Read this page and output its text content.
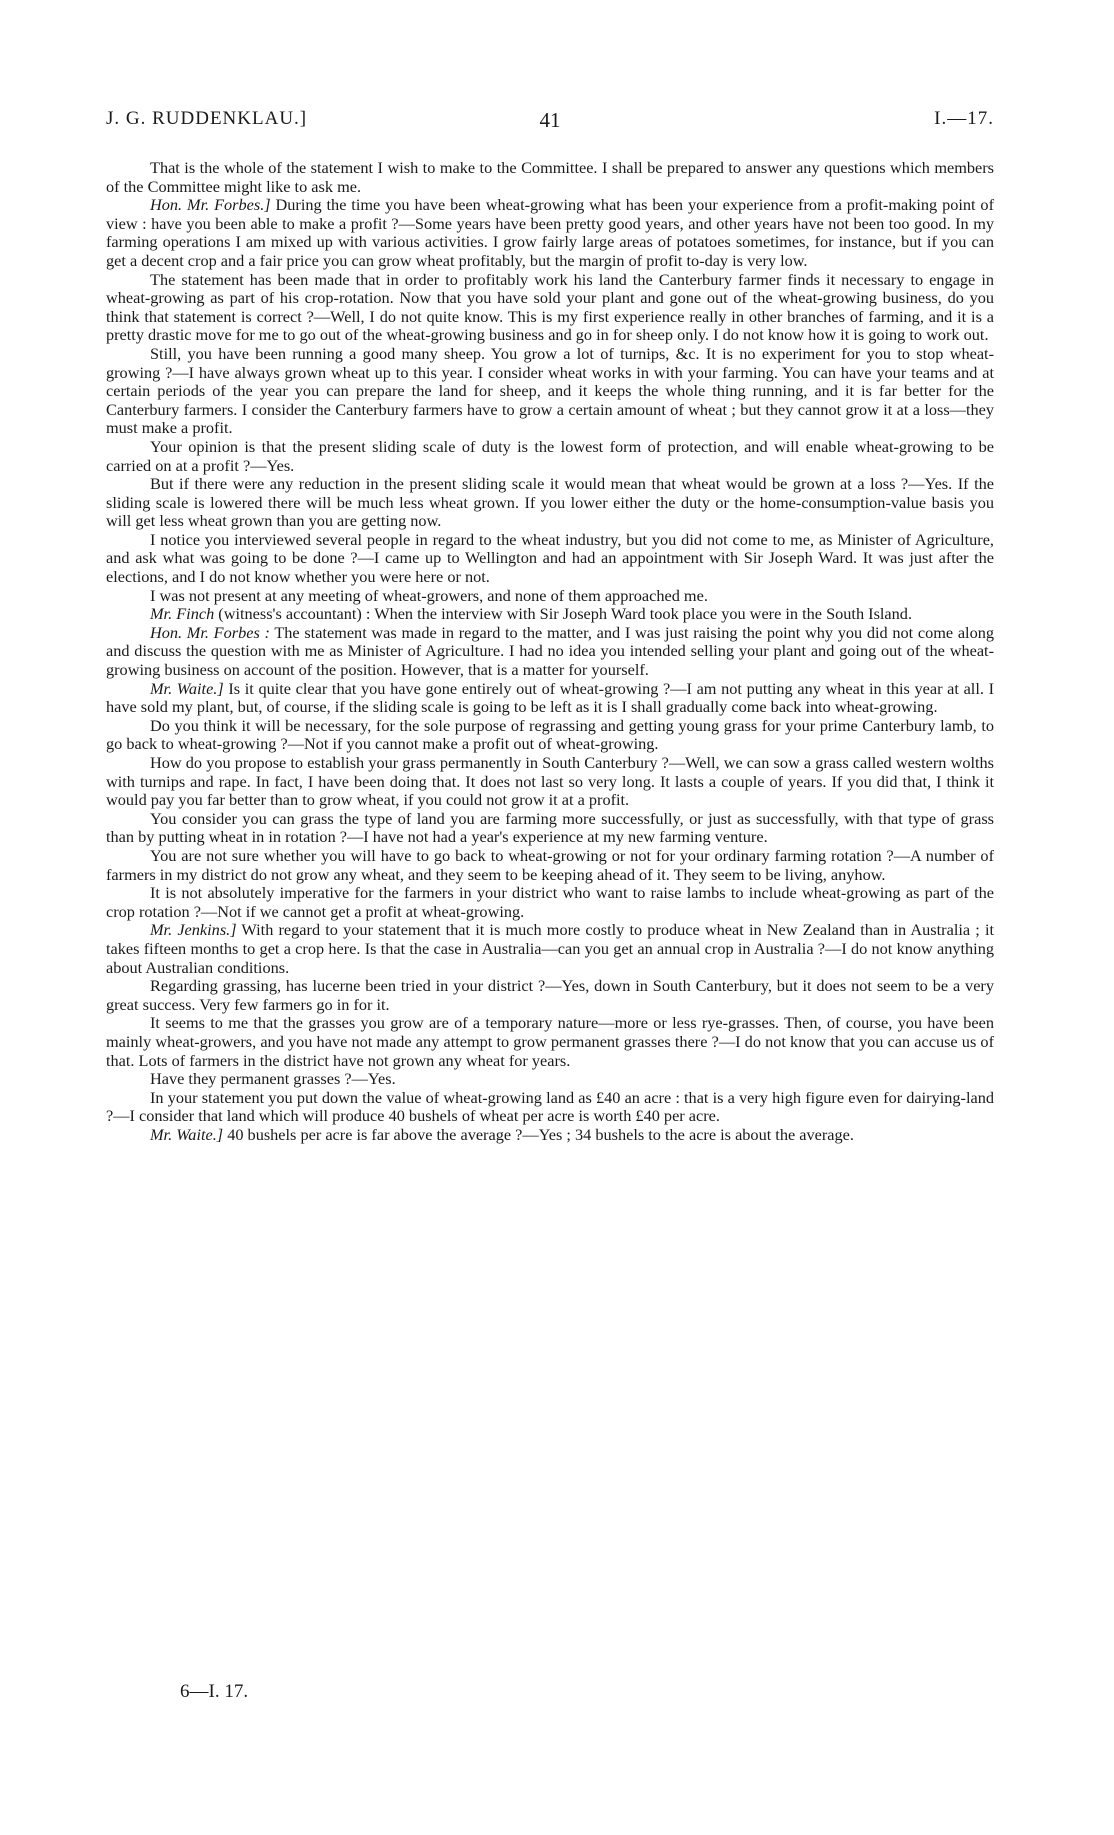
J. G. RUDDENKLAU.]	41	I.—17.

That is the whole of the statement I wish to make to the Committee. I shall be prepared to answer any questions which members of the Committee might like to ask me.

Hon. Mr. Forbes.] During the time you have been wheat-growing what has been your experience from a profit-making point of view : have you been able to make a profit ?—Some years have been pretty good years, and other years have not been too good. In my farming operations I am mixed up with various activities. I grow fairly large areas of potatoes sometimes, for instance, but if you can get a decent crop and a fair price you can grow wheat profitably, but the margin of profit to-day is very low.

The statement has been made that in order to profitably work his land the Canterbury farmer finds it necessary to engage in wheat-growing as part of his crop-rotation. Now that you have sold your plant and gone out of the wheat-growing business, do you think that statement is correct ?—Well, I do not quite know. This is my first experience really in other branches of farming, and it is a pretty drastic move for me to go out of the wheat-growing business and go in for sheep only. I do not know how it is going to work out.

Still, you have been running a good many sheep. You grow a lot of turnips, &c. It is no experiment for you to stop wheat-growing ?—I have always grown wheat up to this year. I consider wheat works in with your farming. You can have your teams and at certain periods of the year you can prepare the land for sheep, and it keeps the whole thing running, and it is far better for the Canterbury farmers. I consider the Canterbury farmers have to grow a certain amount of wheat ; but they cannot grow it at a loss—they must make a profit.

Your opinion is that the present sliding scale of duty is the lowest form of protection, and will enable wheat-growing to be carried on at a profit ?—Yes.

But if there were any reduction in the present sliding scale it would mean that wheat would be grown at a loss ?—Yes. If the sliding scale is lowered there will be much less wheat grown. If you lower either the duty or the home-consumption-value basis you will get less wheat grown than you are getting now.

I notice you interviewed several people in regard to the wheat industry, but you did not come to me, as Minister of Agriculture, and ask what was going to be done ?—I came up to Wellington and had an appointment with Sir Joseph Ward. It was just after the elections, and I do not know whether you were here or not.

I was not present at any meeting of wheat-growers, and none of them approached me.

Mr. Finch (witness's accountant) : When the interview with Sir Joseph Ward took place you were in the South Island.

Hon. Mr. Forbes : The statement was made in regard to the matter, and I was just raising the point why you did not come along and discuss the question with me as Minister of Agriculture. I had no idea you intended selling your plant and going out of the wheat-growing business on account of the position. However, that is a matter for yourself.

Mr. Waite.] Is it quite clear that you have gone entirely out of wheat-growing ?—I am not putting any wheat in this year at all. I have sold my plant, but, of course, if the sliding scale is going to be left as it is I shall gradually come back into wheat-growing.

Do you think it will be necessary, for the sole purpose of regrassing and getting young grass for your prime Canterbury lamb, to go back to wheat-growing ?—Not if you cannot make a profit out of wheat-growing.

How do you propose to establish your grass permanently in South Canterbury ?—Well, we can sow a grass called western wolths with turnips and rape. In fact, I have been doing that. It does not last so very long. It lasts a couple of years. If you did that, I think it would pay you far better than to grow wheat, if you could not grow it at a profit.

You consider you can grass the type of land you are farming more successfully, or just as successfully, with that type of grass than by putting wheat in in rotation ?—I have not had a year's experience at my new farming venture.

You are not sure whether you will have to go back to wheat-growing or not for your ordinary farming rotation ?—A number of farmers in my district do not grow any wheat, and they seem to be keeping ahead of it. They seem to be living, anyhow.

It is not absolutely imperative for the farmers in your district who want to raise lambs to include wheat-growing as part of the crop rotation ?—Not if we cannot get a profit at wheat-growing.

Mr. Jenkins.] With regard to your statement that it is much more costly to produce wheat in New Zealand than in Australia ; it takes fifteen months to get a crop here. Is that the case in Australia—can you get an annual crop in Australia ?—I do not know anything about Australian conditions.

Regarding grassing, has lucerne been tried in your district ?—Yes, down in South Canterbury, but it does not seem to be a very great success. Very few farmers go in for it.

It seems to me that the grasses you grow are of a temporary nature—more or less rye-grasses. Then, of course, you have been mainly wheat-growers, and you have not made any attempt to grow permanent grasses there ?—I do not know that you can accuse us of that. Lots of farmers in the district have not grown any wheat for years.

Have they permanent grasses ?—Yes.

In your statement you put down the value of wheat-growing land as £40 an acre : that is a very high figure even for dairying-land ?—I consider that land which will produce 40 bushels of wheat per acre is worth £40 per acre.

Mr. Waite.] 40 bushels per acre is far above the average ?—Yes ; 34 bushels to the acre is about the average.

6—I. 17.
